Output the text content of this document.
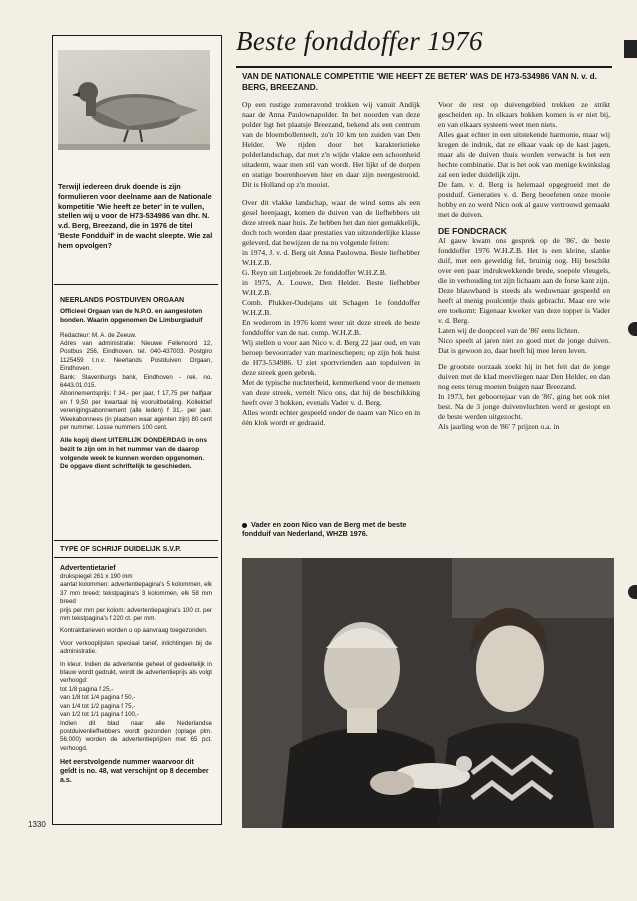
1330

Terwijl iedereen druk doende is zijn formulieren voor deelname aan de Nationale kompetitie 'Wie heeft ze beter' in te vullen, stellen wij u voor de H73-534986 van dhr. N. v.d. Berg, Breezand, die in 1976 de titel 'Beste Fondduif' in de wacht sleepte. Wie zal hem opvolgen?

NEERLANDS POSTDUIVEN ORGAAN

Officieel Orgaan van de N.P.O. en aangesloten bonden. Waarin opgenomen De Limburgiaduif

Redacteur: M. A. de Zeeuw.

Adres van administratie: Nieuwe Fellenoord 12, Postbus 256, Eindhoven. tel. 040-437003. Postgiro 1125459 t.n.v. Neerlands Postduiven Orgaan, Eindhoven.

Bank: Slavenburgs bank, Eindhoven - rek. no. 6443.01.015.

Abonnementsprijs: f 34,- per jaar, f 17,75 per halfjaar en f 9,50 per kwartaal bij vooruitbetaling. Kollektief verenigingsabonnement (alle leden) f 31,- per jaar. Weekabonnees (in plaatsen waar agenten zijn) 80 cent per nummer. Losse nummers 100 cent.

Alle kopij dient UITERLIJK DONDERDAG in ons bezit te zijn om in het nummer van de daarop volgende week te kunnen worden opgenomen. De opgave dient schriftelijk te geschieden.

TYPE OF SCHRIJF DUIDELIJK S.V.P.

Advertentietarief

drukspiegel 261 x 190 mm
aantal kolommen: advertentiepagina's 5 kolommen, elk 37 mm breed; tekstpagina's 3 kolommen, elk 58 mm breed
prijs per mm per kolom: advertentiepagina's 100 ct. per mm tekstpagina's f 220 ct. per mm.

Kontrakttarieven worden u op aanvraag toegezonden.

Voor verkooplijsten speciaal tarief, inlichtingen bij de administratie.

In kleur. Indien de advertentie geheel of gedeeltelijk in blauw wordt gedrukt, wordt de advertentieprijs als volgt verhoogd:

tot 1/8 pagina f 25,-
van 1/8 tot 1/4 pagina f 50,-
van 1/4 tot 1/2 pagina f 75,-
van 1/2 tot 1/1 pagina f 100,-

Indien dit blad naar alle Nederlandse postduivenliefhebbers wordt gezonden (oplage plm. 56.000) worden de advertentieprijzen met 65 pct. verhoogd.

Het eerstvolgende nummer waarvoor dit geldt is no. 48, wat verschijnt op 8 december a.s.

Beste fonddoffer 1976

VAN DE NATIONALE COMPETITIE 'WIE HEEFT ZE BETER' WAS DE H73-534986 VAN N. v. d. BERG, BREEZAND.

Op een rustige zomeravond trokken wij vanuit Andijk naar de Anna Paulownapolder. In het noorden van deze polder ligt het plaatsje Breezand, bekend als een centrum van de bloembollenteelt, zo'n 10 km ten zuiden van Den Helder. We rijden door het karakteristieke polderlandschap, dat met z'n wijde vlakte een schoonheid uitademt, waar men stil van wordt. Het lijkt of de dorpen en statige boerenhoeven hier en daar zijn neergestrooid. Dit is Holland op z'n mooist.

Over dit vlakke landschap, waar de wind soms als een gesel heenjaagt, komen de duiven van de liefhebbers uit deze streek naar huis. Ze hebben het dan niet gemakkelijk, doch toch worden daar prestaties van uitzonderlijke klasse geleverd, dat bewijzen de na nu volgende feiten:

in 1974, J. v. d. Berg uit Anna Paulowna. Beste liefhebber W.H.Z.B.
G. Reyn uit Lutjebroek 2e fonddoffer W.H.Z.B.
in 1975, A. Louwe, Den Helder. Beste liefhebber W.H.Z.B.
Comb. Plukker-Oudejans uit Schagen 1e fonddoffer W.H.Z.B.

En wederom in 1976 komt weer uit deze streek de beste fonddoffer van de nat. comp. W.H.Z.B.

Wij stellen u voor aan Nico v. d. Berg 22 jaar oud, en van beroep bevoorrader van marineschepen; op zijn hok huist de H73-534986. U ziet sportvrienden aan topduiven in deze streek geen gebrek.

Met de typische nuchterheid, kenmerkend voor de mensen van deze streek, vertelt Nico ons, dat hij de beschikking heeft over 3 hokken, evenals Vader v. d. Berg.

Alles wordt echter gespeeld onder de naam van Nico en in één klok wordt er gedraaid.

Vader en zoon Nico van de Berg met de beste fondduif van Nederland, WHZB 1976.

Voor de rest op duivengebied trekken ze strikt gescheiden op. In elkaars hokken komen is er niet bij, en van elkaars systeem weet men niets.

Alles gaat echter in een uitstekende harmonie, maar wij kregen de indruk, dat ze elkaar vaak op de kast jagen, maar als de duiven thuis worden verwacht is het een hechte combinatie. Dat is het ook van menige kwinkslag zal een ieder duidelijk zijn.

De fam. v. d. Berg is helemaal opgegroeid met de postduif. Generaties v. d. Berg beoefenen onze mooie hobby en zo werd Nico ook al gauw vertrouwd gemaakt met de duiven.

DE FONDCRACK

Al gauw kwam ons gesprek op de '86', de beste fonddoffer 1976 W.H.Z.B. Het is een kleine, slanke duif, met een geweldig fel, bruinig oog. Hij beschikt over een paar indrukwekkende brede, soepele vleugels, die in verhouding tot zijn lichaam aan de forse kant zijn.

Deze blauwband is steeds als weduwnaar gespeeld en heeft al menig poulcentje thuis gebracht. Maar ere wie ere toekomt: Eigenaar kweker van deze topper is Vader v. d. Berg.

Laten wij de doopceel van de '86' eens lichten.

Nico speelt al jaren niet zo goed met de jonge duiven. Dat is gewoon zo, daar heeft hij mee leren leven.

De grootste oorzaak zoekt hij in het feit dat de jonge duiven met de klad meevliegen naar Den Helder, en dan nog eens terug moeten buigen naar Breezand.

In 1973, het geboortejaar van de '86', ging het ook niet best. Na de 3 jonge duivenvluchten werd er gestopt en de beste werden uitgezocht.

Als jaarling won de '86' 7 prijzen o.a. in
